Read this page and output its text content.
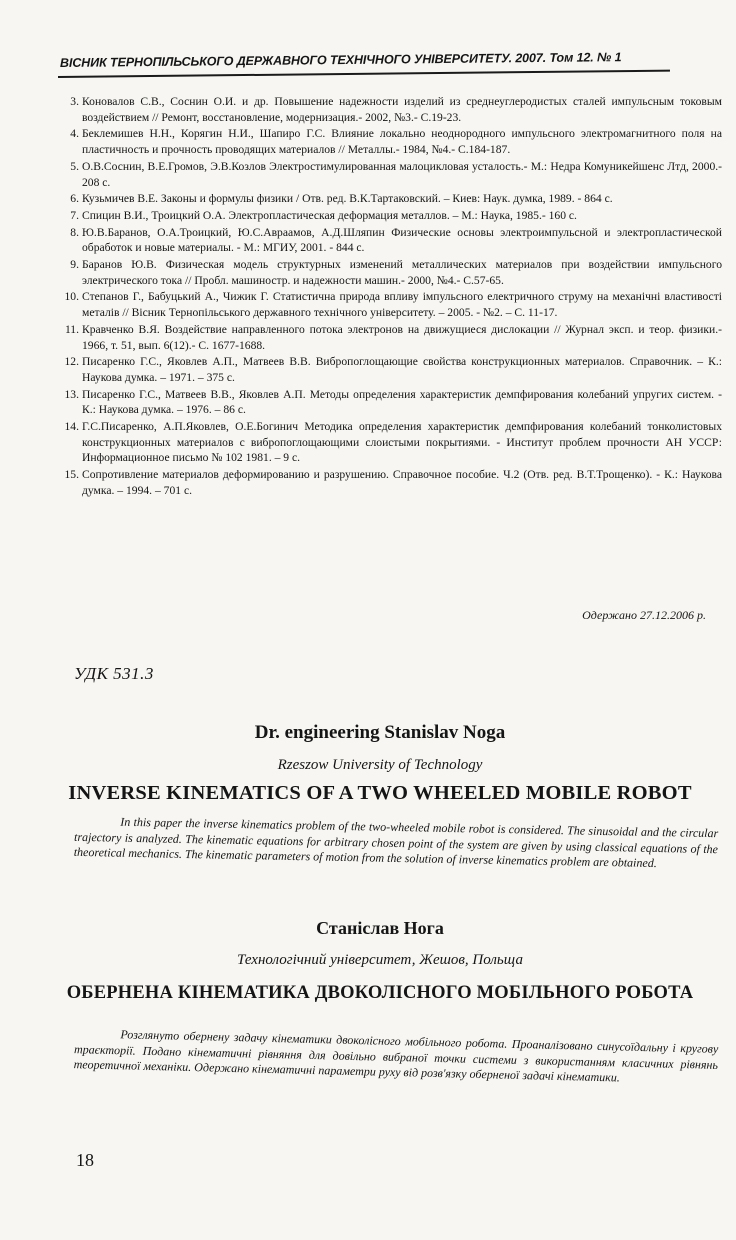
ВІСНИК ТЕРНОПІЛЬСЬКОГО ДЕРЖАВНОГО ТЕХНІЧНОГО УНІВЕРСИТЕТУ. 2007. Том 12. № 1
3. Коновалов С.В., Соснин О.И. и др. Повышение надежности изделий из среднеуглеродистых сталей импульсным токовым воздействием // Ремонт, восстановление, модернизация.- 2002, №3.- С.19-23.
4. Беклемишев Н.Н., Корягин Н.И., Шапиро Г.С. Влияние локально неоднородного импульсного электромагнитного поля на пластичность и прочность проводящих материалов // Металлы.- 1984, №4.- С.184-187.
5. О.В.Соснин, В.Е.Громов, Э.В.Козлов Электростимулированная малоцикловая усталость.- М.: Недра Комуникейшенс Лтд, 2000.- 208 с.
6. Кузьмичев В.Е. Законы и формулы физики / Отв. ред. В.К.Тартаковский. – Киев: Наук. думка, 1989. - 864 с.
7. Спицин В.И., Троицкий О.А. Электропластическая деформация металлов. – М.: Наука, 1985.- 160 с.
8. Ю.В.Баранов, О.А.Троицкий, Ю.С.Авраамов, А.Д.Шляпин Физические основы электроимпульсной и электропластической обработок и новые материалы. - М.: МГИУ, 2001. - 844 с.
9. Баранов Ю.В. Физическая модель структурных изменений металлических материалов при воздействии импульсного электрического тока // Пробл. машиностр. и надежности машин.- 2000, №4.- С.57-65.
10. Степанов Г., Бабуцький А., Чижик Г. Статистична природа впливу імпульсного електричного струму на механічні властивості металів // Вісник Тернопільського державного технічного університету. – 2005. - №2. – С. 11-17.
11. Кравченко В.Я. Воздействие направленного потока электронов на движущиеся дислокации // Журнал эксп. и теор. физики.- 1966, т. 51, вып. 6(12).- С. 1677-1688.
12. Писаренко Г.С., Яковлев А.П., Матвеев В.В. Вибропоглощающие свойства конструкционных материалов. Справочник. – К.: Наукова думка. – 1971. – 375 с.
13. Писаренко Г.С., Матвеев В.В., Яковлев А.П. Методы определения характеристик демпфирования колебаний упругих систем. - К.: Наукова думка. – 1976. – 86 с.
14. Г.С.Писаренко, А.П.Яковлев, О.Е.Богинич Методика определения характеристик демпфирования колебаний тонколистовых конструкционных материалов с вибропоглощающими слоистыми покрытиями. - Институт проблем прочности АН УССР: Информационное письмо № 102 1981. – 9 с.
15. Сопротивление материалов деформированию и разрушению. Справочное пособие. Ч.2 (Отв. ред. В.Т.Трощенко). - К.: Наукова думка. – 1994. – 701 с.
Одержано 27.12.2006 р.
УДК 531.3
Dr. engineering Stanislav Noga
Rzeszow University of Technology
INVERSE KINEMATICS OF A TWO WHEELED MOBILE ROBOT
In this paper the inverse kinematics problem of the two-wheeled mobile robot is considered. The sinusoidal and the circular trajectory is analyzed. The kinematic equations for arbitrary chosen point of the system are given by using classical equations of the theoretical mechanics. The kinematic parameters of motion from the solution of inverse kinematics problem are obtained.
Станіслав Нога
Технологічний університет, Жешов, Польща
ОБЕРНЕНА КІНЕМАТИКА ДВОКОЛІСНОГО МОБІЛЬНОГО РОБОТА
Розглянуто обернену задачу кінематики двоколісного мобільного робота. Проаналізовано синусоїдальну і кругову траєкторії. Подано кінематичні рівняння для довільно вибраної точки системи з використанням класичних рівнянь теоретичної механіки. Одержано кінематичні параметри руху від розв'язку оберненої задачі кінематики.
18
